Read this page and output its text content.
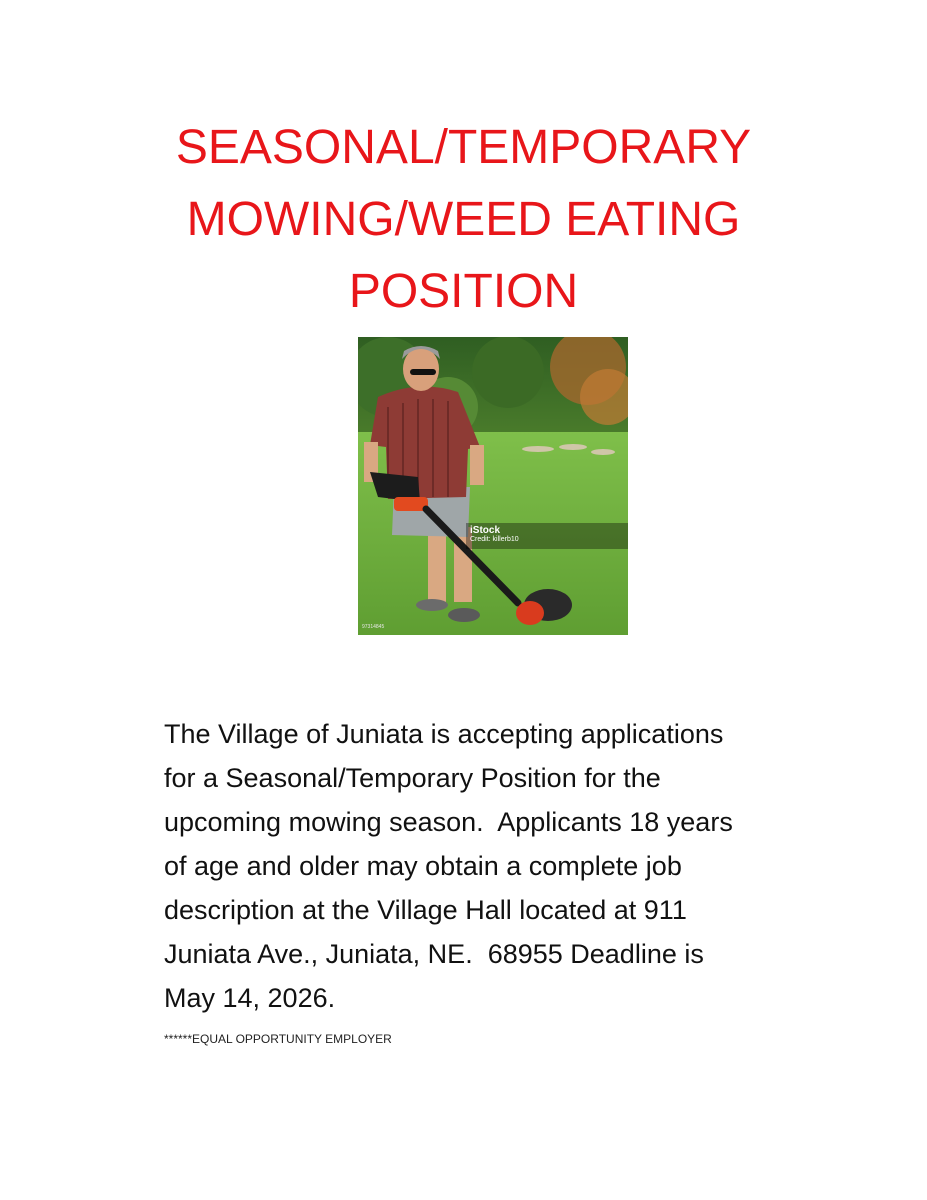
SEASONAL/TEMPORARY
MOWING/WEED EATING
POSITION
iStock
Credit: killerb10
97314845
The Village of Juniata is accepting applications
for a Seasonal/Temporary Position for the
upcoming mowing season.  Applicants 18 years
of age and older may obtain a complete job
description at the Village Hall located at 911
Juniata Ave., Juniata, NE.  68955 Deadline is
May 14, 2026.

******EQUAL OPPORTUNITY EMPLOYER
